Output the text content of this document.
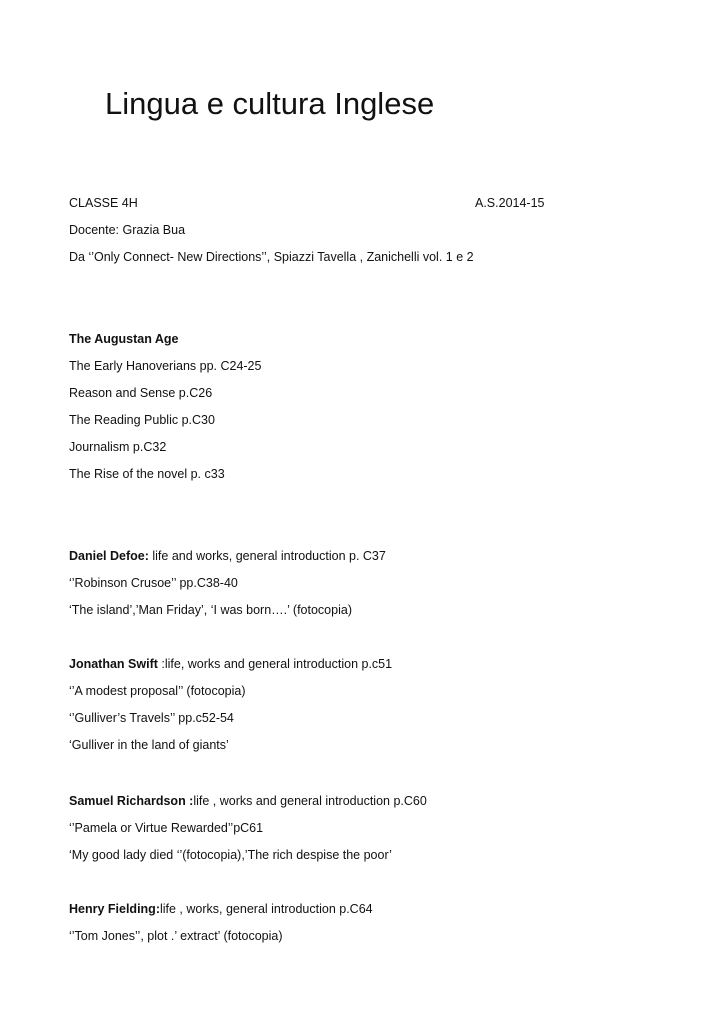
Lingua e cultura Inglese
CLASSE 4H	A.S.2014-15
Docente: Grazia Bua
Da ‘’Only Connect- New Directions’’, Spiazzi Tavella , Zanichelli vol. 1 e 2
The Augustan Age
The Early Hanoverians pp. C24-25
Reason and Sense p.C26
The Reading Public p.C30
Journalism p.C32
The Rise of the novel p. c33
Daniel Defoe: life and works, general introduction p. C37
‘’Robinson Crusoe’’ pp.C38-40
‘The island’,’Man Friday’, ‘I was born….’ (fotocopia)
Jonathan Swift :life, works and general introduction p.c51
‘’A modest proposal’’ (fotocopia)
‘’Gulliver’s Travels’’ pp.c52-54
‘Gulliver in the land of giants’
Samuel Richardson :life , works and general introduction p.C60
‘’Pamela or Virtue Rewarded’’pC61
‘My good lady died ‘’(fotocopia),’The rich despise the poor’
Henry Fielding:life , works, general introduction p.C64
‘’Tom Jones’’, plot .’ extract’ (fotocopia)
